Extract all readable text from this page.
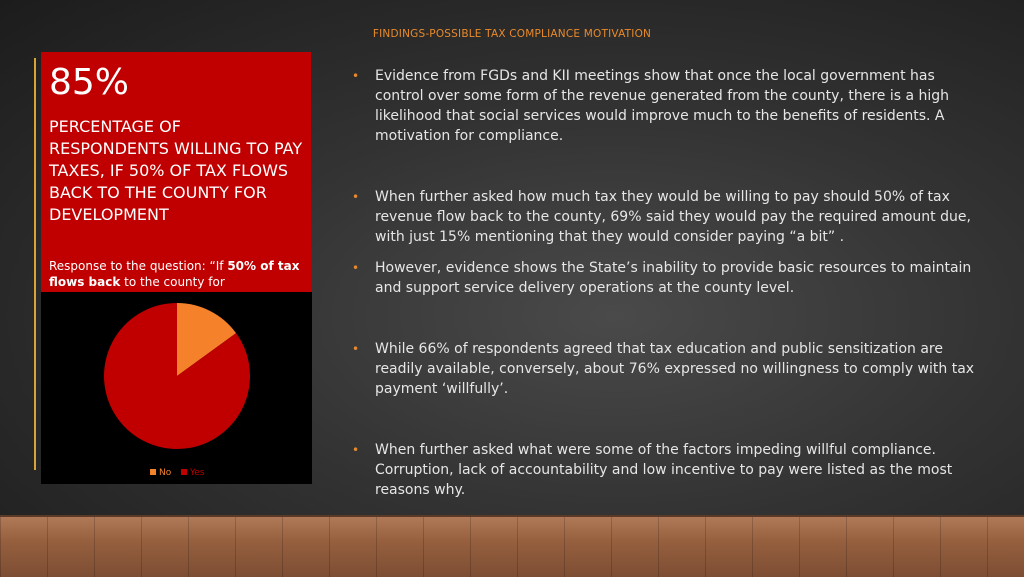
FINDINGS-POSSIBLE TAX COMPLIANCE MOTIVATION
85%
PERCENTAGE OF RESPONDENTS WILLING TO PAY TAXES, IF 50% OF TAX FLOWS BACK TO THE COUNTY FOR DEVELOPMENT
Response to the question: “If 50% of tax flows back to the county for
No Yes
• Evidence from FGDs and KII meetings show that once the local government has control over some form of the revenue generated from the county, there is a high likelihood that social services would improve much to the benefits of residents. A motivation for compliance.
• When further asked how much tax they would be willing to pay should 50% of tax revenue flow back to the county, 69% said they would pay the required amount due, with just 15% mentioning that they would consider paying “a bit” .
• However, evidence shows the State’s inability to provide basic resources to maintain and support service delivery operations at the county level.
• While 66% of respondents agreed that tax education and public sensitization are readily available, conversely, about 76% expressed no willingness to comply with tax payment ‘willfully’.
• When further asked what were some of the factors impeding willful compliance. Corruption, lack of accountability and low incentive to pay were listed as the most reasons why.
